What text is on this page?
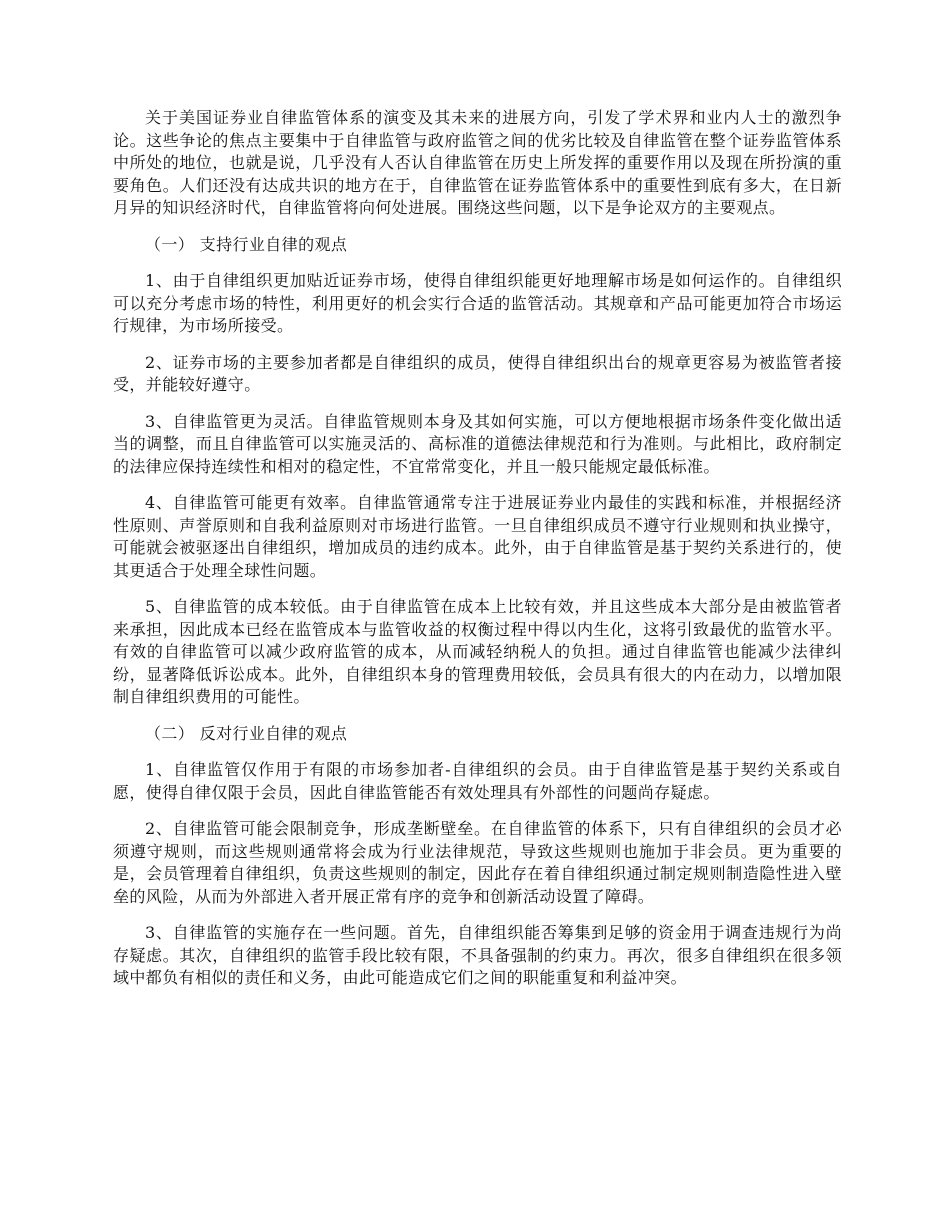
关于美国证券业自律监管体系的演变及其未来的进展方向，引发了学术界和业内人士的激烈争论。这些争论的焦点主要集中于自律监管与政府监管之间的优劣比较及自律监管在整个证券监管体系中所处的地位，也就是说，几乎没有人否认自律监管在历史上所发挥的重要作用以及现在所扮演的重要角色。人们还没有达成共识的地方在于，自律监管在证券监管体系中的重要性到底有多大，在日新月异的知识经济时代，自律监管将向何处进展。围绕这些问题，以下是争论双方的主要观点。

（一） 支持行业自律的观点

1、由于自律组织更加贴近证券市场，使得自律组织能更好地理解市场是如何运作的。自律组织可以充分考虑市场的特性，利用更好的机会实行合适的监管活动。其规章和产品可能更加符合市场运行规律，为市场所接受。

2、证券市场的主要参加者都是自律组织的成员，使得自律组织出台的规章更容易为被监管者接受，并能较好遵守。

3、自律监管更为灵活。自律监管规则本身及其如何实施，可以方便地根据市场条件变化做出适当的调整，而且自律监管可以实施灵活的、高标准的道德法律规范和行为准则。与此相比，政府制定的法律应保持连续性和相对的稳定性，不宜常常变化，并且一般只能规定最低标准。

4、自律监管可能更有效率。自律监管通常专注于进展证券业内最佳的实践和标准，并根据经济性原则、声誉原则和自我利益原则对市场进行监管。一旦自律组织成员不遵守行业规则和执业操守，可能就会被驱逐出自律组织，增加成员的违约成本。此外，由于自律监管是基于契约关系进行的，使其更适合于处理全球性问题。

5、自律监管的成本较低。由于自律监管在成本上比较有效，并且这些成本大部分是由被监管者来承担，因此成本已经在监管成本与监管收益的权衡过程中得以内生化，这将引致最优的监管水平。有效的自律监管可以减少政府监管的成本，从而减轻纳税人的负担。通过自律监管也能减少法律纠纷，显著降低诉讼成本。此外，自律组织本身的管理费用较低，会员具有很大的内在动力，以增加限制自律组织费用的可能性。

（二） 反对行业自律的观点

1、自律监管仅作用于有限的市场参加者-自律组织的会员。由于自律监管是基于契约关系或自愿，使得自律仅限于会员，因此自律监管能否有效处理具有外部性的问题尚存疑虑。

2、自律监管可能会限制竞争，形成垄断壁垒。在自律监管的体系下，只有自律组织的会员才必须遵守规则，而这些规则通常将会成为行业法律规范，导致这些规则也施加于非会员。更为重要的是，会员管理着自律组织，负责这些规则的制定，因此存在着自律组织通过制定规则制造隐性进入壁垒的风险，从而为外部进入者开展正常有序的竞争和创新活动设置了障碍。

3、自律监管的实施存在一些问题。首先，自律组织能否筹集到足够的资金用于调查违规行为尚存疑虑。其次，自律组织的监管手段比较有限，不具备强制的约束力。再次，很多自律组织在很多领域中都负有相似的责任和义务，由此可能造成它们之间的职能重复和利益冲突。
